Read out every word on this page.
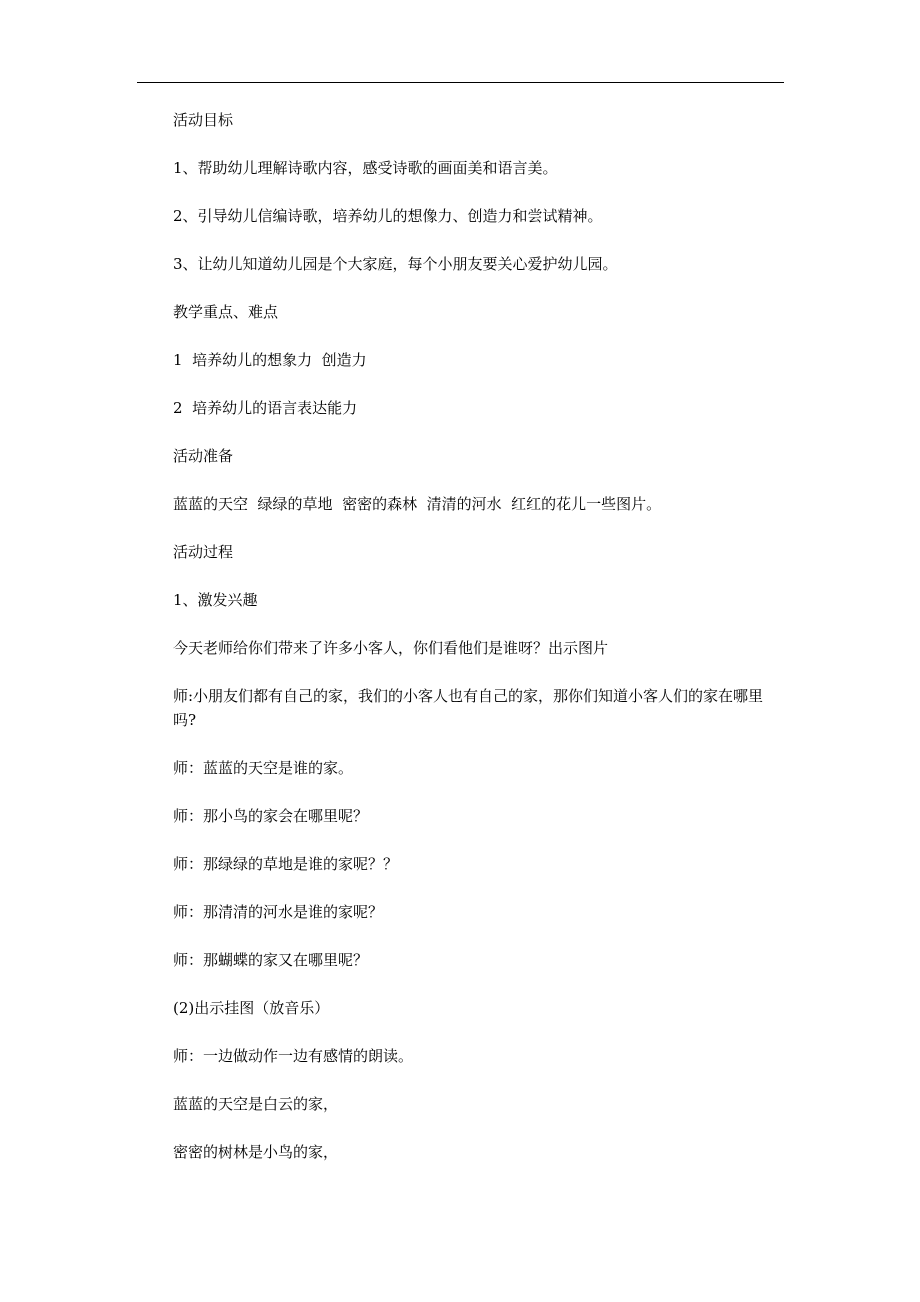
活动目标

1、帮助幼儿理解诗歌内容，感受诗歌的画面美和语言美。

2、引导幼儿信编诗歌，培养幼儿的想像力、创造力和尝试精神。

3、让幼儿知道幼儿园是个大家庭，每个小朋友要关心爱护幼儿园。

教学重点、难点

1  培养幼儿的想象力  创造力

2  培养幼儿的语言表达能力

活动准备

蓝蓝的天空  绿绿的草地  密密的森林  清清的河水  红红的花儿一些图片。

活动过程

1、激发兴趣

今天老师给你们带来了许多小客人，你们看他们是谁呀？出示图片

师:小朋友们都有自己的家，我们的小客人也有自己的家，那你们知道小客人们的家在哪里吗?

师：蓝蓝的天空是谁的家。

师：那小鸟的家会在哪里呢？

师：那绿绿的草地是谁的家呢？？

师：那清清的河水是谁的家呢？

师：那蝴蝶的家又在哪里呢？

(2)出示挂图（放音乐）

师：一边做动作一边有感情的朗读。

蓝蓝的天空是白云的家，

密密的树林是小鸟的家，
